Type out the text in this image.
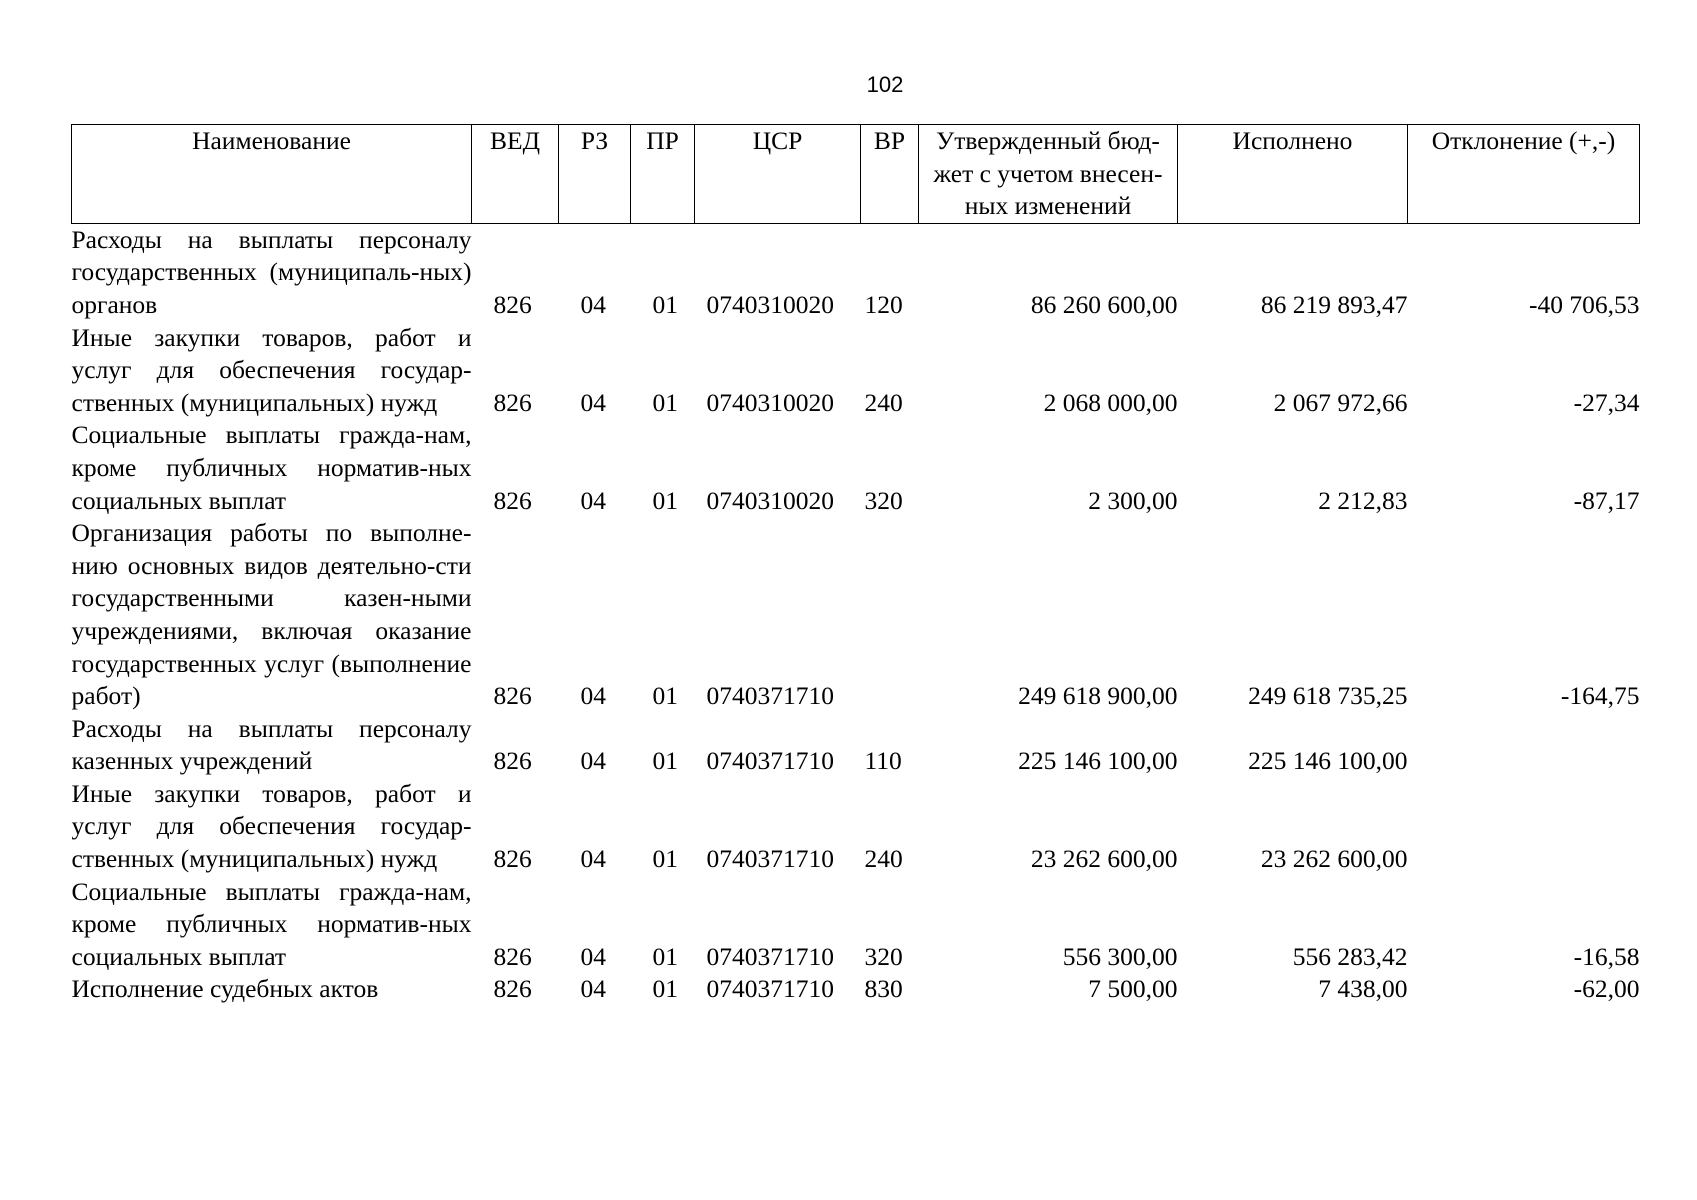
102
Наименование	ВЕД	РЗ	ПР	ЦСР	ВР	Утвержденный бюд-жет с учетом внесен-ных изменений	Исполнено	Отклонение (+,-)

Расходы на выплаты персоналу государственных (муниципаль-ных) органов	826	04	01	0740310020	120	86 260 600,00	86 219 893,47	-40 706,53

Иные закупки товаров, работ и услуг для обеспечения государ-ственных (муниципальных) нужд	826	04	01	0740310020	240	2 068 000,00	2 067 972,66	-27,34

Социальные выплаты гражда-нам, кроме публичных норматив-ных социальных выплат	826	04	01	0740310020	320	2 300,00	2 212,83	-87,17

Организация работы по выполне-нию основных видов деятельно-сти государственными казен-ными учреждениями, включая оказание государственных услуг (выполнение работ)	826	04	01	0740371710		249 618 900,00	249 618 735,25	-164,75

Расходы на выплаты персоналу казенных учреждений	826	04	01	0740371710	110	225 146 100,00	225 146 100,00	

Иные закупки товаров, работ и услуг для обеспечения государ-ственных (муниципальных) нужд	826	04	01	0740371710	240	23 262 600,00	23 262 600,00	

Социальные выплаты гражда-нам, кроме публичных норматив-ных социальных выплат	826	04	01	0740371710	320	556 300,00	556 283,42	-16,58

Исполнение судебных актов	826	04	01	0740371710	830	7 500,00	7 438,00	-62,00
